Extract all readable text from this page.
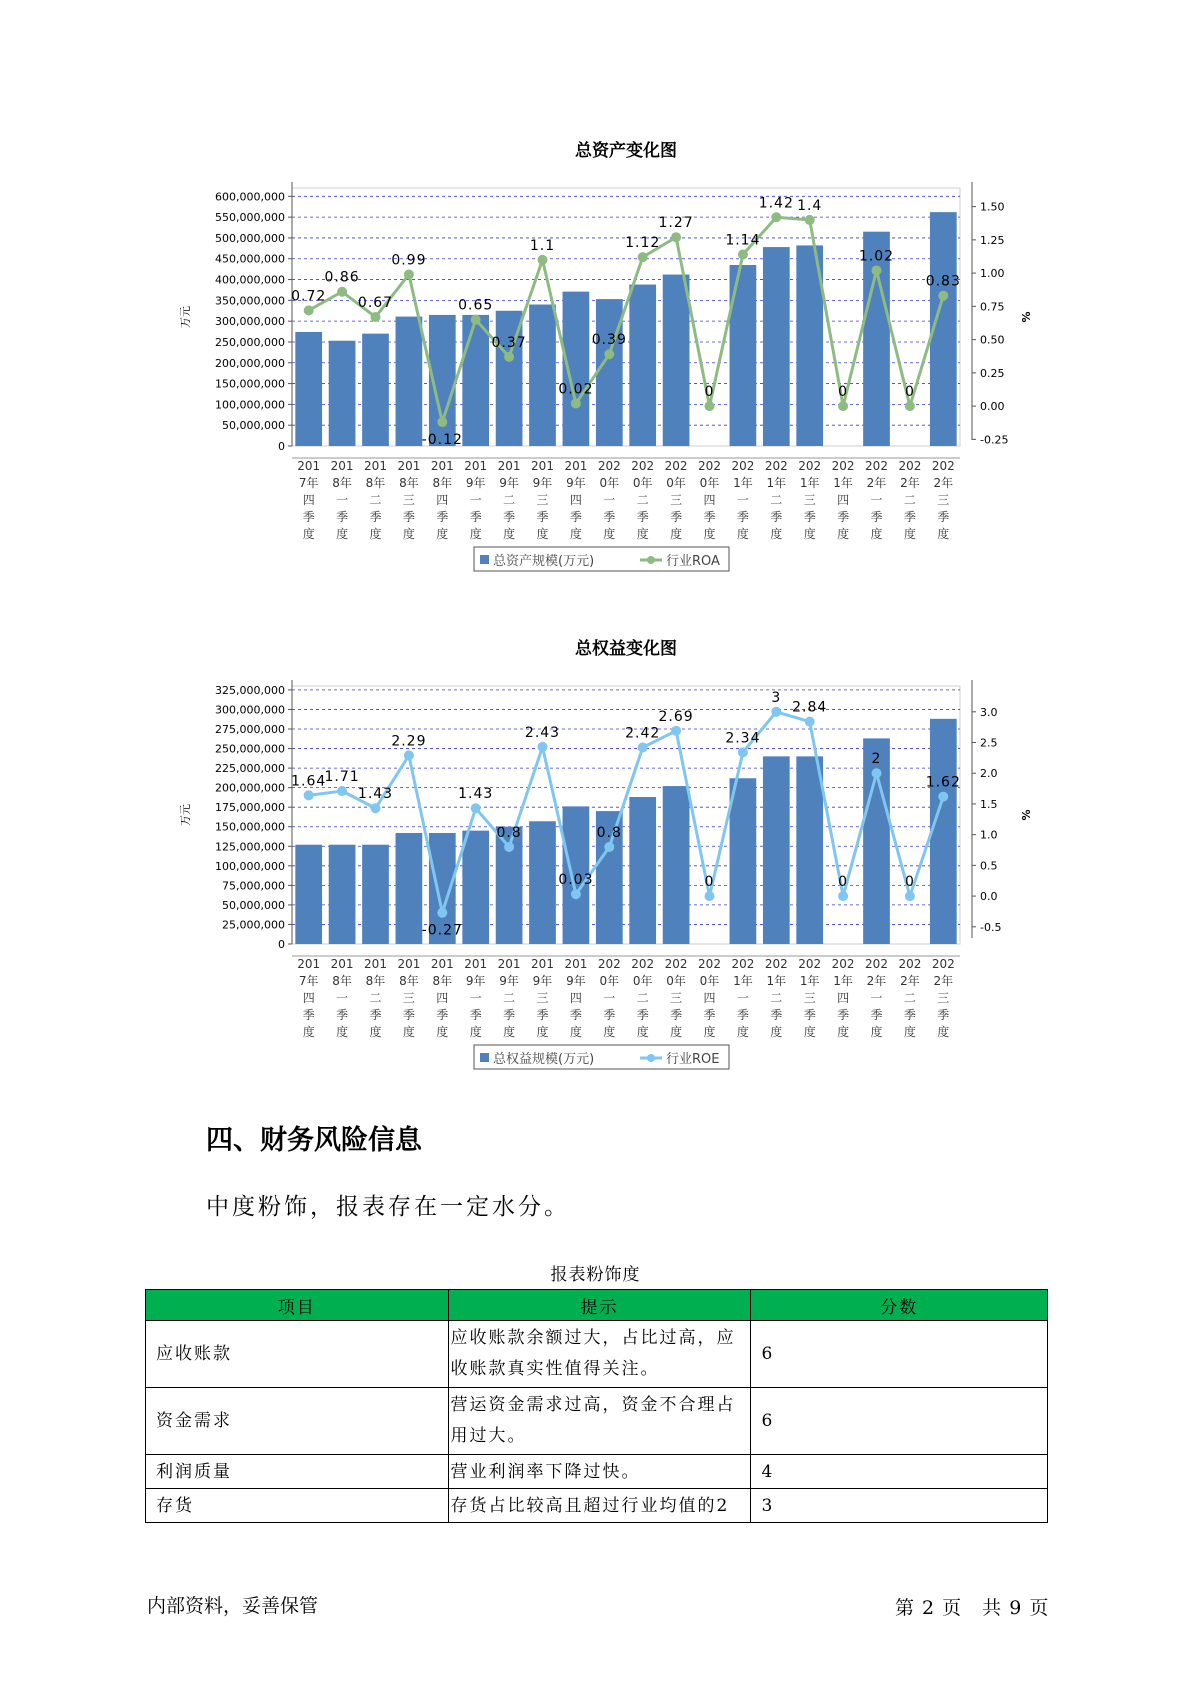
总资产变化图
0
50,000,000
100,000,000
150,000,000
200,000,000
250,000,000
300,000,000
350,000,000
400,000,000
450,000,000
500,000,000
550,000,000
600,000,000
万元
-0.25
0.00
0.25
0.50
0.75
1.00
1.25
1.50
%
0.72
0.86
0.67
0.99
-0.12
0.65
0.37
1.1
0.02
0.39
1.12
1.27
0
1.14
1.42 1.4
0
1.02
0
0.83
201
7年
四
季
度
201
8年
一
季
度
201
8年
二
季
度
201
8年
三
季
度
201
8年
四
季
度
201
9年
一
季
度
201
9年
二
季
度
201
9年
三
季
度
201
9年
四
季
度
202
0年
一
季
度
202
0年
二
季
度
202
0年
三
季
度
202
0年
四
季
度
202
1年
一
季
度
202
1年
二
季
度
202
1年
三
季
度
202
1年
四
季
度
202
2年
一
季
度
202
2年
二
季
度
202
2年
三
季
度
总资产规模(万元)	行业ROA
总权益变化图
0
25,000,000
50,000,000
75,000,000
100,000,000
125,000,000
150,000,000
175,000,000
200,000,000
225,000,000
250,000,000
275,000,000
300,000,000
325,000,000
万元
-0.5
0.0
0.5
1.0
1.5
2.0
2.5
3.0
%
1.64
1.71
1.43
2.29
-0.27
1.43
0.8
2.43
0.03
0.8
2.42
2.69
0
2.34
3
2.84
0
2
0
1.62
201
7年
四
季
度
201
8年
一
季
度
201
8年
二
季
度
201
8年
三
季
度
201
8年
四
季
度
201
9年
一
季
度
201
9年
二
季
度
201
9年
三
季
度
201
9年
四
季
度
202
0年
一
季
度
202
0年
二
季
度
202
0年
三
季
度
202
0年
四
季
度
202
1年
一
季
度
202
1年
二
季
度
202
1年
三
季
度
202
1年
四
季
度
202
2年
一
季
度
202
2年
二
季
度
202
2年
三
季
度
总权益规模(万元)	行业ROE
四、财务风险信息
中度粉饰，报表存在一定水分。
报表粉饰度
项目	提示	分数
应收账款	应收账款余额过大，占比过高，应收账款真实性值得关注。	6
资金需求	营运资金需求过高，资金不合理占用过大。	6
利润质量	营业利润率下降过快。	4
存货	存货占比较高且超过行业均值的2	3
内部资料，妥善保管	第 2 页　共 9 页
